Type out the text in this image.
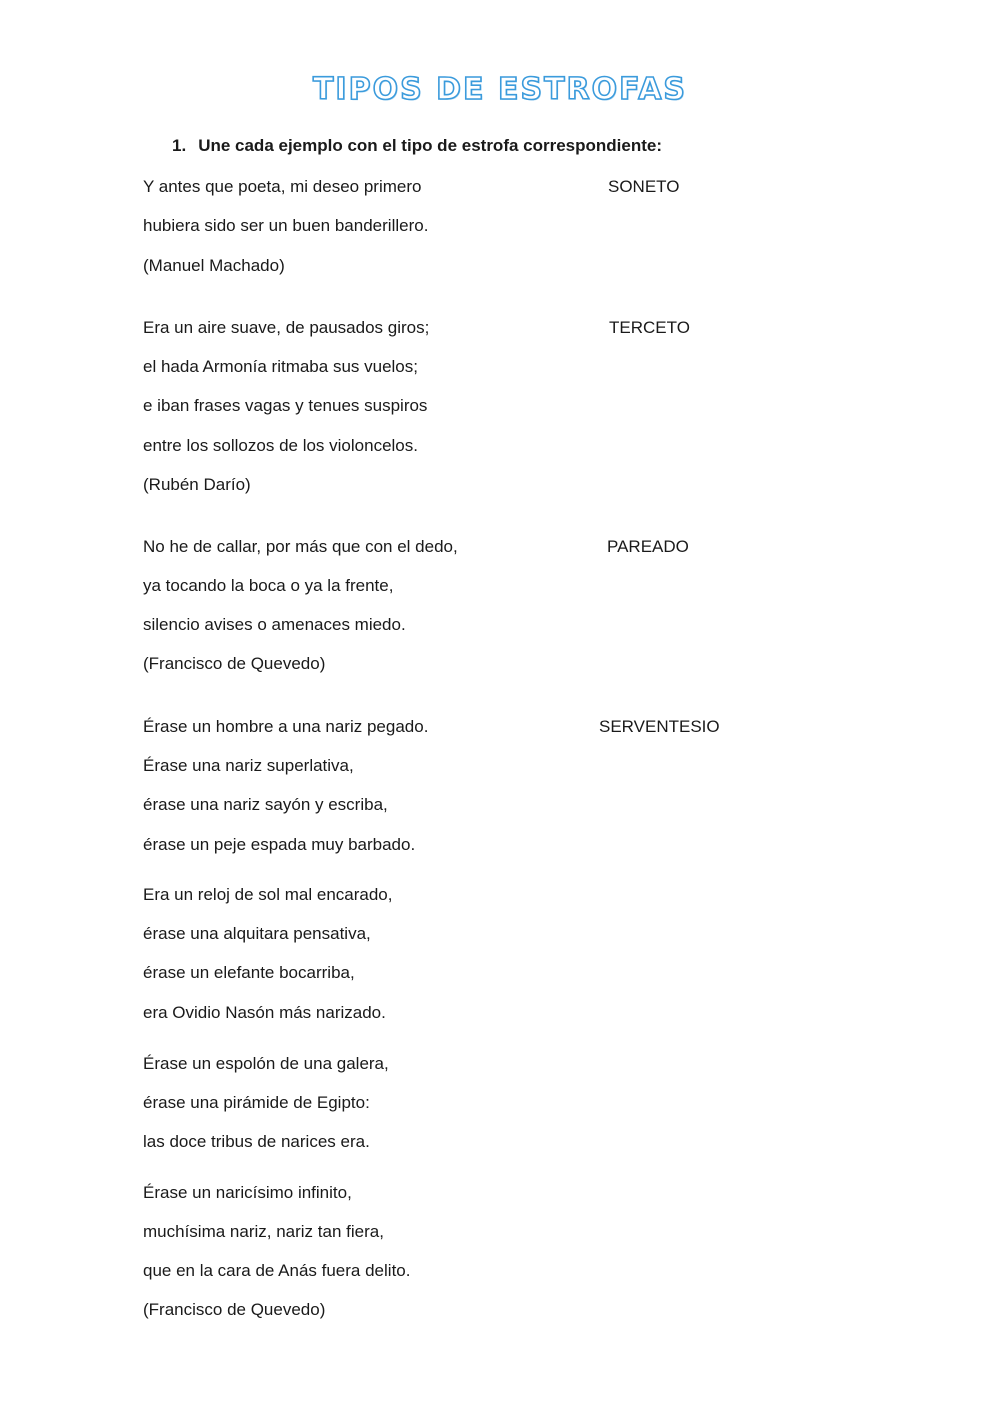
TIPOS DE ESTROFAS
1. Une cada ejemplo con el tipo de estrofa correspondiente:
Y antes que poeta, mi deseo primero
hubiera sido ser un buen banderillero.
(Manuel Machado)
Era un aire suave, de pausados giros;
el hada Armonía ritmaba sus vuelos;
e iban frases vagas y tenues suspiros
entre los sollozos de los violoncelos.
(Rubén Darío)
No he de callar, por más que con el dedo,
ya tocando la boca o ya la frente,
silencio avises o amenaces miedo.
(Francisco de Quevedo)
Érase un hombre a una nariz pegado.
Érase una nariz superlativa,
érase una nariz sayón y escriba,
érase un peje espada muy barbado.
Era un reloj de sol mal encarado,
érase una alquitara pensativa,
érase un elefante bocarriba,
era Ovidio Nasón más narizado.
Érase un espolón de una galera,
érase una pirámide de Egipto:
las doce tribus de narices era.
Érase un naricísimo infinito,
muchísima nariz, nariz tan fiera,
que en la cara de Anás fuera delito.
(Francisco de Quevedo)
SONETO
TERCETO
PAREADO
SERVENTESIO
